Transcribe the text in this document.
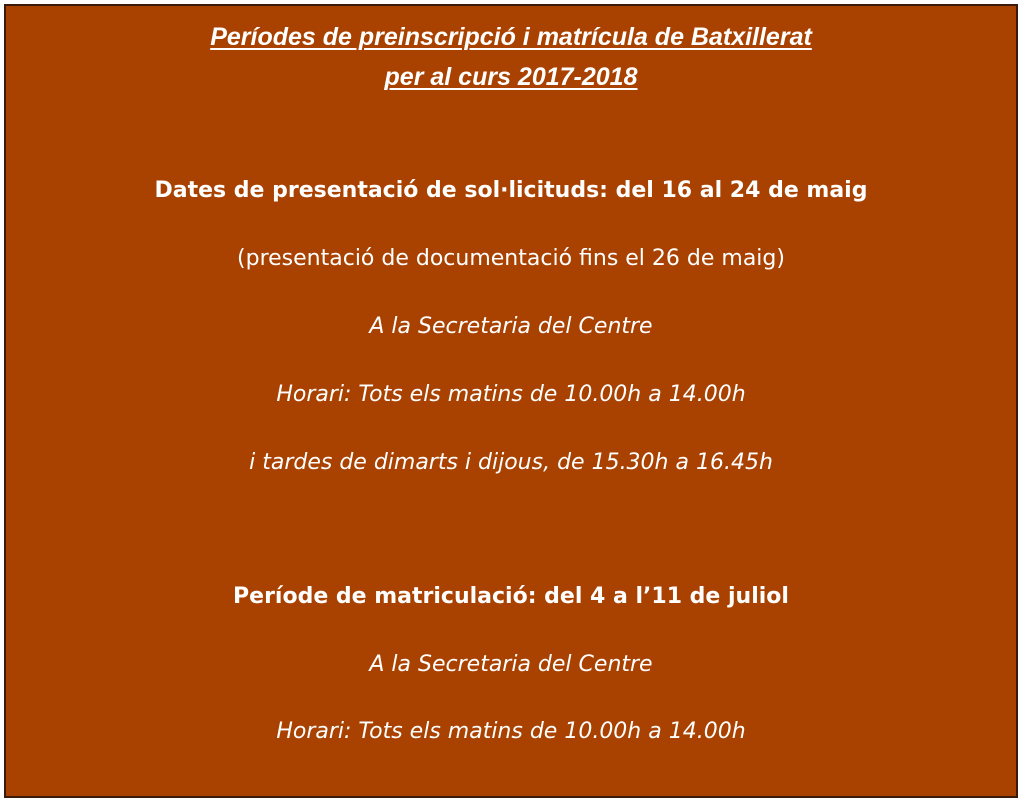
Períodes de preinscripció i matrícula de Batxillerat

per al curs 2017-2018

Dates de presentació de sol·licituds: del 16 al 24 de maig

(presentació de documentació fins el 26 de maig)

A la Secretaria del Centre

Horari: Tots els matins de 10.00h a 14.00h

i tardes de dimarts i dijous, de 15.30h a 16.45h

Període de matriculació: del 4 a l’11 de juliol

A la Secretaria del Centre

Horari: Tots els matins de 10.00h a 14.00h
